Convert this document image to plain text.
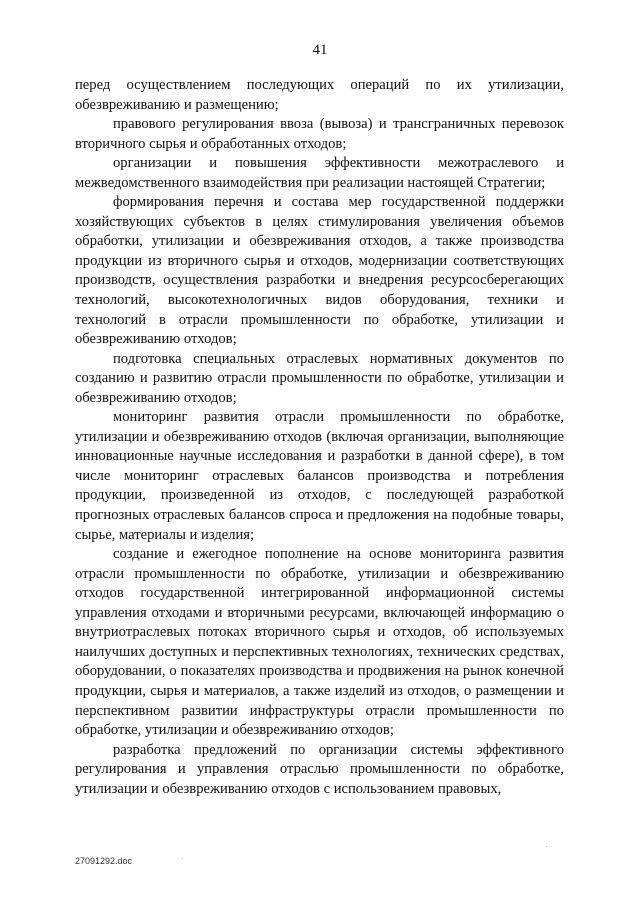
41

перед осуществлением последующих операций по их утилизации, обезвреживанию и размещению;

правового регулирования ввоза (вывоза) и трансграничных перевозок вторичного сырья и обработанных отходов;

организации и повышения эффективности межотраслевого и межведомственного взаимодействия при реализации настоящей Стратегии;

формирования перечня и состава мер государственной поддержки хозяйствующих субъектов в целях стимулирования увеличения объемов обработки, утилизации и обезвреживания отходов, а также производства продукции из вторичного сырья и отходов, модернизации соответствующих производств, осуществления разработки и внедрения ресурсосберегающих технологий, высокотехнологичных видов оборудования, техники и технологий в отрасли промышленности по обработке, утилизации и обезвреживанию отходов;

подготовка специальных отраслевых нормативных документов по созданию и развитию отрасли промышленности по обработке, утилизации и обезвреживанию отходов;

мониторинг развития отрасли промышленности по обработке, утилизации и обезвреживанию отходов (включая организации, выполняющие инновационные научные исследования и разработки в данной сфере), в том числе мониторинг отраслевых балансов производства и потребления продукции, произведенной из отходов, с последующей разработкой прогнозных отраслевых балансов спроса и предложения на подобные товары, сырье, материалы и изделия;

создание и ежегодное пополнение на основе мониторинга развития отрасли промышленности по обработке, утилизации и обезвреживанию отходов государственной интегрированной информационной системы управления отходами и вторичными ресурсами, включающей информацию о внутриотраслевых потоках вторичного сырья и отходов, об используемых наилучших доступных и перспективных технологиях, технических средствах, оборудовании, о показателях производства и продвижения на рынок конечной продукции, сырья и материалов, а также изделий из отходов, о размещении и перспективном развитии инфраструктуры отрасли промышленности по обработке, утилизации и обезвреживанию отходов;

разработка предложений по организации системы эффективного регулирования и управления отраслью промышленности по обработке, утилизации и обезвреживанию отходов с использованием правовых,

27091292.doc
